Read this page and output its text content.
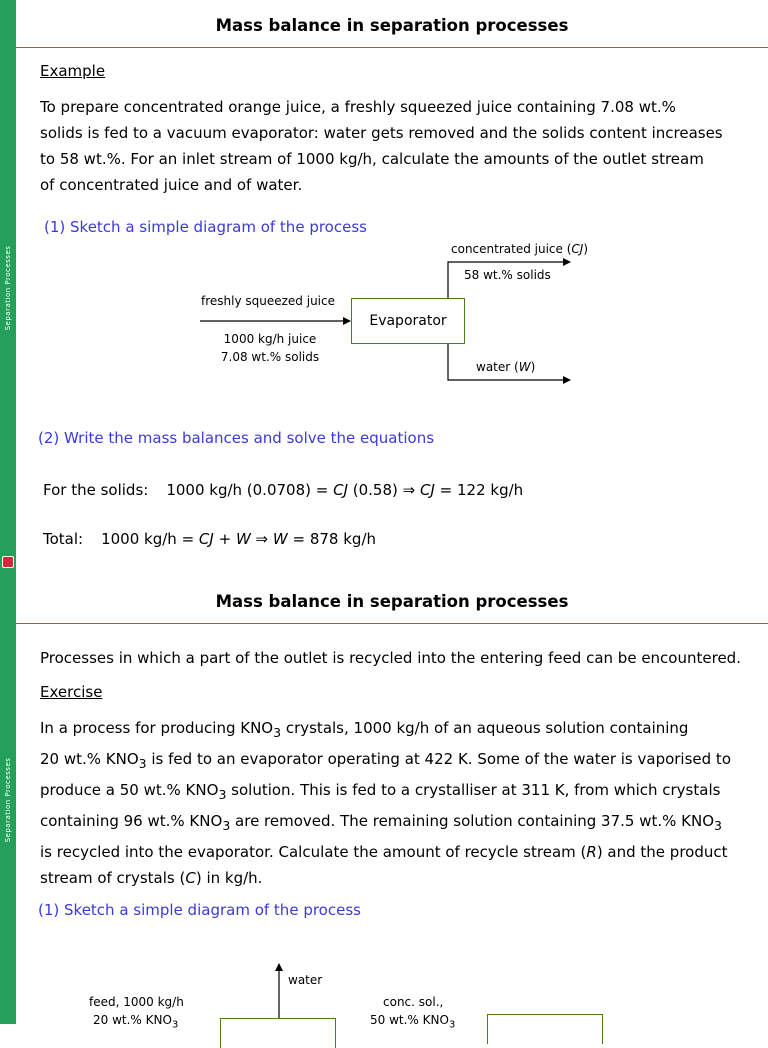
Separation Processes
Mass balance in separation processes
Example
To prepare concentrated orange juice, a freshly squeezed juice containing 7.08 wt.%
solids is fed to a vacuum evaporator: water gets removed and the solids content increases
to 58 wt.%. For an inlet stream of 1000 kg/h, calculate the amounts of the outlet stream
of concentrated juice and of water.
(1) Sketch a simple diagram of the process
Evaporator
freshly squeezed juice
1000 kg/h juice
7.08 wt.% solids
concentrated juice (CJ)
58 wt.% solids
water (W)
(2) Write the mass balances and solve the equations
For the solids: 1000 kg/h (0.0708) = CJ (0.58) ⇒ CJ = 122 kg/h
Total: 1000 kg/h = CJ + W ⇒ W = 878 kg/h
Separation Processes
Mass balance in separation processes
Processes in which a part of the outlet is recycled into the entering feed can be encountered.
Exercise
In a process for producing $KNO_3$ crystals, 1000 kg/h of an aqueous solution containing
20 wt.% $KNO_3$ is fed to an evaporator operating at 422 K. Some of the water is vaporised to
produce a 50 wt.% $KNO_3$ solution. This is fed to a crystalliser at 311 K, from which crystals
containing 96 wt.% $KNO_3$ are removed. The remaining solution containing 37.5 wt.% $KNO_3$
is recycled into the evaporator. Calculate the amount of recycle stream (R) and the product
stream of crystals (C) in kg/h.
(1) Sketch a simple diagram of the process
water
feed, 1000 kg/h
20 wt.% $KNO_3$
conc. sol.,
50 wt.% $KNO_3$
